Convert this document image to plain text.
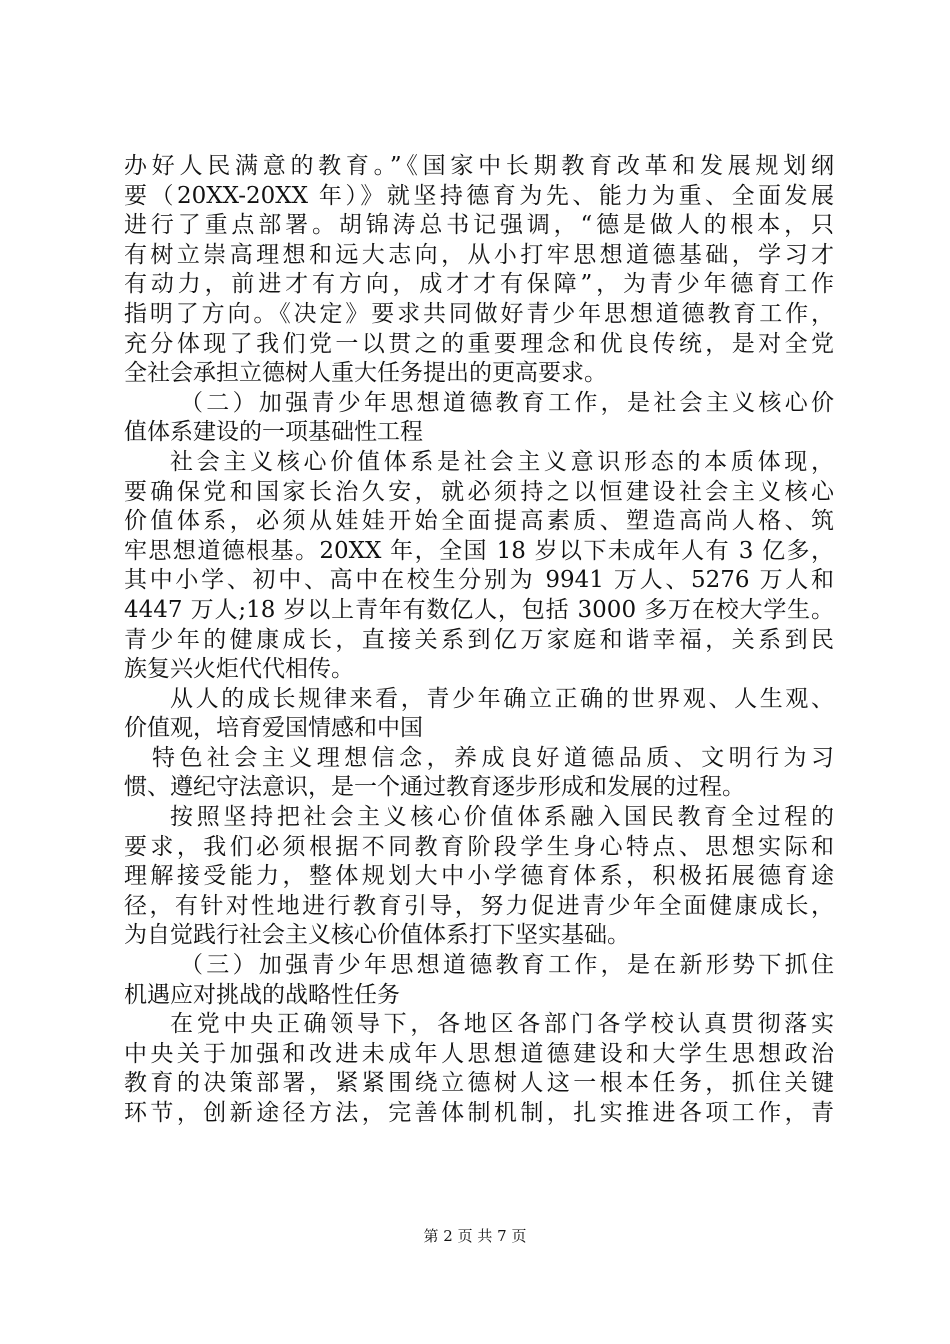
办好人民满意的教育。”《国家中长期教育改革和发展规划纲
要（20XX-20XX 年）》就坚持德育为先、能力为重、全面发展
进行了重点部署。胡锦涛总书记强调，“德是做人的根本，只
有树立崇高理想和远大志向，从小打牢思想道德基础，学习才
有动力，前进才有方向，成才才有保障”，为青少年德育工作
指明了方向。《决定》要求共同做好青少年思想道德教育工作，
充分体现了我们党一以贯之的重要理念和优良传统，是对全党
全社会承担立德树人重大任务提出的更高要求。
（二）加强青少年思想道德教育工作，是社会主义核心价
值体系建设的一项基础性工程
社会主义核心价值体系是社会主义意识形态的本质体现，
要确保党和国家长治久安，就必须持之以恒建设社会主义核心
价值体系，必须从娃娃开始全面提高素质、塑造高尚人格、筑
牢思想道德根基。20XX 年，全国 18 岁以下未成年人有 3 亿多，
其中小学、初中、高中在校生分别为 9941 万人、5276 万人和
4447 万人;18 岁以上青年有数亿人，包括 3000 多万在校大学生。
青少年的健康成长，直接关系到亿万家庭和谐幸福，关系到民
族复兴火炬代代相传。
从人的成长规律来看，青少年确立正确的世界观、人生观、
价值观，培育爱国情感和中国
特色社会主义理想信念，养成良好道德品质、文明行为习
惯、遵纪守法意识，是一个通过教育逐步形成和发展的过程。
按照坚持把社会主义核心价值体系融入国民教育全过程的
要求，我们必须根据不同教育阶段学生身心特点、思想实际和
理解接受能力，整体规划大中小学德育体系，积极拓展德育途
径，有针对性地进行教育引导，努力促进青少年全面健康成长，
为自觉践行社会主义核心价值体系打下坚实基础。
（三）加强青少年思想道德教育工作，是在新形势下抓住
机遇应对挑战的战略性任务
在党中央正确领导下，各地区各部门各学校认真贯彻落实
中央关于加强和改进未成年人思想道德建设和大学生思想政治
教育的决策部署，紧紧围绕立德树人这一根本任务，抓住关键
环节，创新途径方法，完善体制机制，扎实推进各项工作，青
第 2 页 共 7 页
